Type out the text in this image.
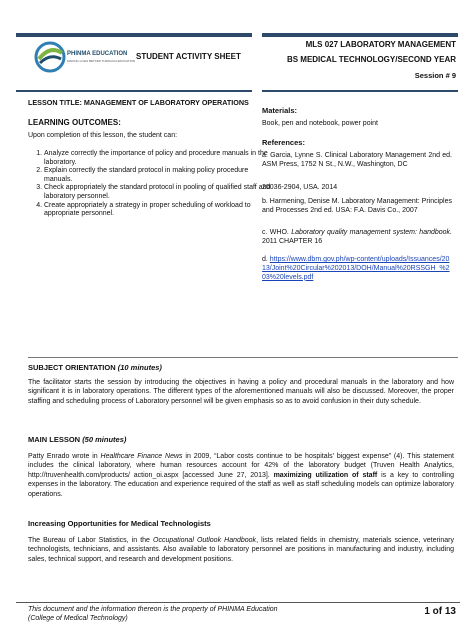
PHINMA EDUCATION
MAKING LIVES BETTER THROUGH EDUCATION STUDENT ACTIVITY SHEET
MLS 027 LABORATORY MANAGEMENT
BS MEDICAL TECHNOLOGY/SECOND YEAR
Session # 9
LESSON TITLE: MANAGEMENT OF LABORATORY OPERATIONS
LEARNING OUTCOMES:
Upon completion of this lesson, the student can:
1. Analyze correctly the importance of policy and procedure manuals in the laboratory.
2. Explain correctly the standard protocol in making policy procedure manuals.
3. Check appropriately the standard protocol in pooling of qualified staff and laboratory personnel.
4. Create appropriately a strategy in proper scheduling of workload to appropriate personnel.
Materials:
Book, pen and notebook, power point
References:
a. Garcia, Lynne S. Clinical Laboratory Management 2nd ed. ASM Press, 1752 N St., N.W., Washington, DC
20036-2904, USA. 2014
b. Harmening, Denise M. Laboratory Management: Principles and Processes 2nd ed. USA: F.A. Davis Co., 2007
c. WHO. Laboratory quality management system: handbook. 2011 CHAPTER 16
d. https://www.dbm.gov.ph/wp-content/uploads/Issuances/2013/Joint%20Circular%202013/DOH/Manual%20RSSGH_%203%20levels.pdf
SUBJECT ORIENTATION (10 minutes)
The facilitator starts the session by introducing the objectives in having a policy and procedural manuals in the laboratory and how significant it is in laboratory operations. The different types of the aforementioned manuals will also be discussed. Moreover, the proper staffing and scheduling process of Laboratory personnel will be given emphasis so as to avoid confusion in their duty schedule.
MAIN LESSON (50 minutes)
Patty Enrado wrote in Healthcare Finance News in 2009, “Labor costs continue to be hospitals’ biggest expense” (4). This statement includes the clinical laboratory, where human resources account for 42% of the laboratory budget (Truven Health Analytics, http://truvenhealth.com/products/ action_oi.aspx [accessed June 27, 2013]. maximizing utilization of staff is a key to controlling expenses in the laboratory. The education and experience required of the staff as well as staff scheduling models can optimize laboratory operations.
Increasing Opportunities for Medical Technologists
The Bureau of Labor Statistics, in the Occupational Outlook Handbook, lists related fields in chemistry, materials science, veterinary technologists, technicians, and assistants. Also available to laboratory personnel are positions in manufacturing and industry, including sales, technical support, and research and development positions.
This document and the information thereon is the property of PHINMA Education (College of Medical Technology)
1 of 13
